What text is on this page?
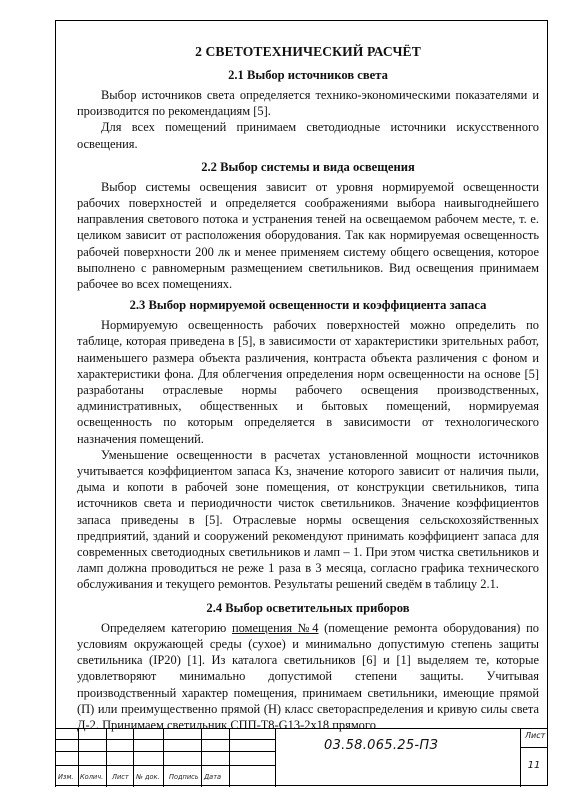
2 СВЕТОТЕХНИЧЕСКИЙ РАСЧЁТ
2.1 Выбор источников света

Выбор источников света определяется технико-экономическими показателями и производится по рекомендациям [5].

Для всех помещений принимаем светодиодные источники искусственного освещения.

2.2 Выбор системы и вида освещения

Выбор системы освещения зависит от уровня нормируемой освещенности рабочих поверхностей и определяется соображениями выбора наивыгоднейшего направления светового потока и устранения теней на освещаемом рабочем месте, т. е. целиком зависит от расположения оборудования. Так как нормируемая освещенность рабочей поверхности 200 лк и менее применяем систему общего освещения, которое выполнено с равномерным размещением светильников. Вид освещения принимаем рабочее во всех помещениях.

2.3 Выбор нормируемой освещенности и коэффициента запаса

Нормируемую освещенность рабочих поверхностей можно определить по таблице, которая приведена в [5], в зависимости от характеристики зрительных работ, наименьшего размера объекта различения, контраста объекта различения с фоном и характеристики фона. Для облегчения определения норм освещенности на основе [5] разработаны отраслевые нормы рабочего освещения производственных, административных, общественных и бытовых помещений, нормируемая освещенность по которым определяется в зависимости от технологического назначения помещений.

Уменьшение освещенности в расчетах установленной мощности источников учитывается коэффициентом запаса Kз, значение которого зависит от наличия пыли, дыма и копоти в рабочей зоне помещения, от конструкции светильников, типа источников света и периодичности чисток светильников. Значение коэффициентов запаса приведены в [5]. Отраслевые нормы освещения сельскохозяйственных предприятий, зданий и сооружений рекомендуют принимать коэффициент запаса для современных светодиодных светильников и ламп – 1. При этом чистка светильников и ламп должна проводиться не реже 1 раза в 3 месяца, согласно графика технического обслуживания и текущего ремонтов. Результаты решений сведём в таблицу 2.1.

2.4 Выбор осветительных приборов

Определяем категорию помещения №4 (помещение ремонта оборудования) по условиям окружающей среды (сухое) и минимально допустимую степень защиты светильника (IP20) [1]. Из каталога светильников [6] и [1] выделяем те, которые удовлетворяют минимально допустимой степени защиты. Учитывая производственный характер помещения, принимаем светильники, имеющие прямой (П) или преимущественно прямой (Н) класс светораспределения и кривую силы света Д-2. Принимаем светильник СПП-Т8-G13-2х18 прямого

Изм. Колич. Лист № док. Подпись Дата
03.58.065.25-ПЗ
Лист
11
